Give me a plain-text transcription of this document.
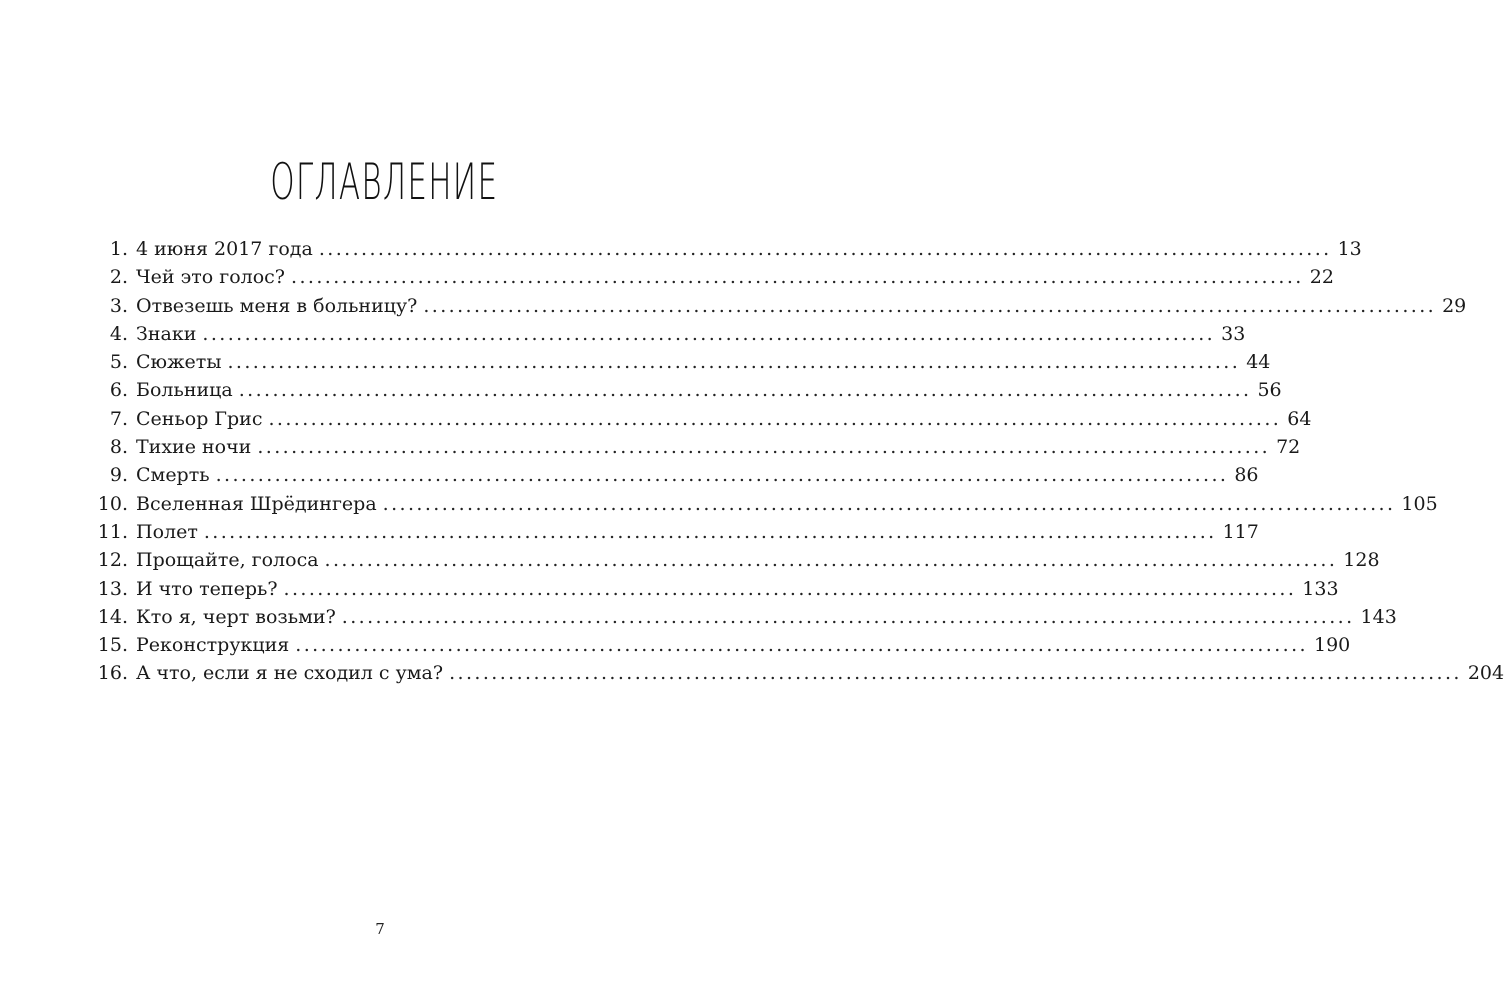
ОГЛАВЛЕНИЕ
1. 4 июня 2017 года ........................................................................................................................ 13
2. Чей это голос? ........................................................................................................................ 22
3. Отвезешь меня в больницу? ........................................................................................................................ 29
4. Знаки ........................................................................................................................ 33
5. Сюжеты ........................................................................................................................ 44
6. Больница ........................................................................................................................ 56
7. Сеньор Грис ........................................................................................................................ 64
8. Тихие ночи ........................................................................................................................ 72
9. Смерть ........................................................................................................................ 86
10. Вселенная Шрёдингера ........................................................................................................................ 105
11. Полет ........................................................................................................................ 117
12. Прощайте, голоса ........................................................................................................................ 128
13. И что теперь? ........................................................................................................................ 133
14. Кто я, черт возьми? ........................................................................................................................ 143
15. Реконструкция ........................................................................................................................ 190
16. А что, если я не сходил с ума? ........................................................................................................................ 204
7
